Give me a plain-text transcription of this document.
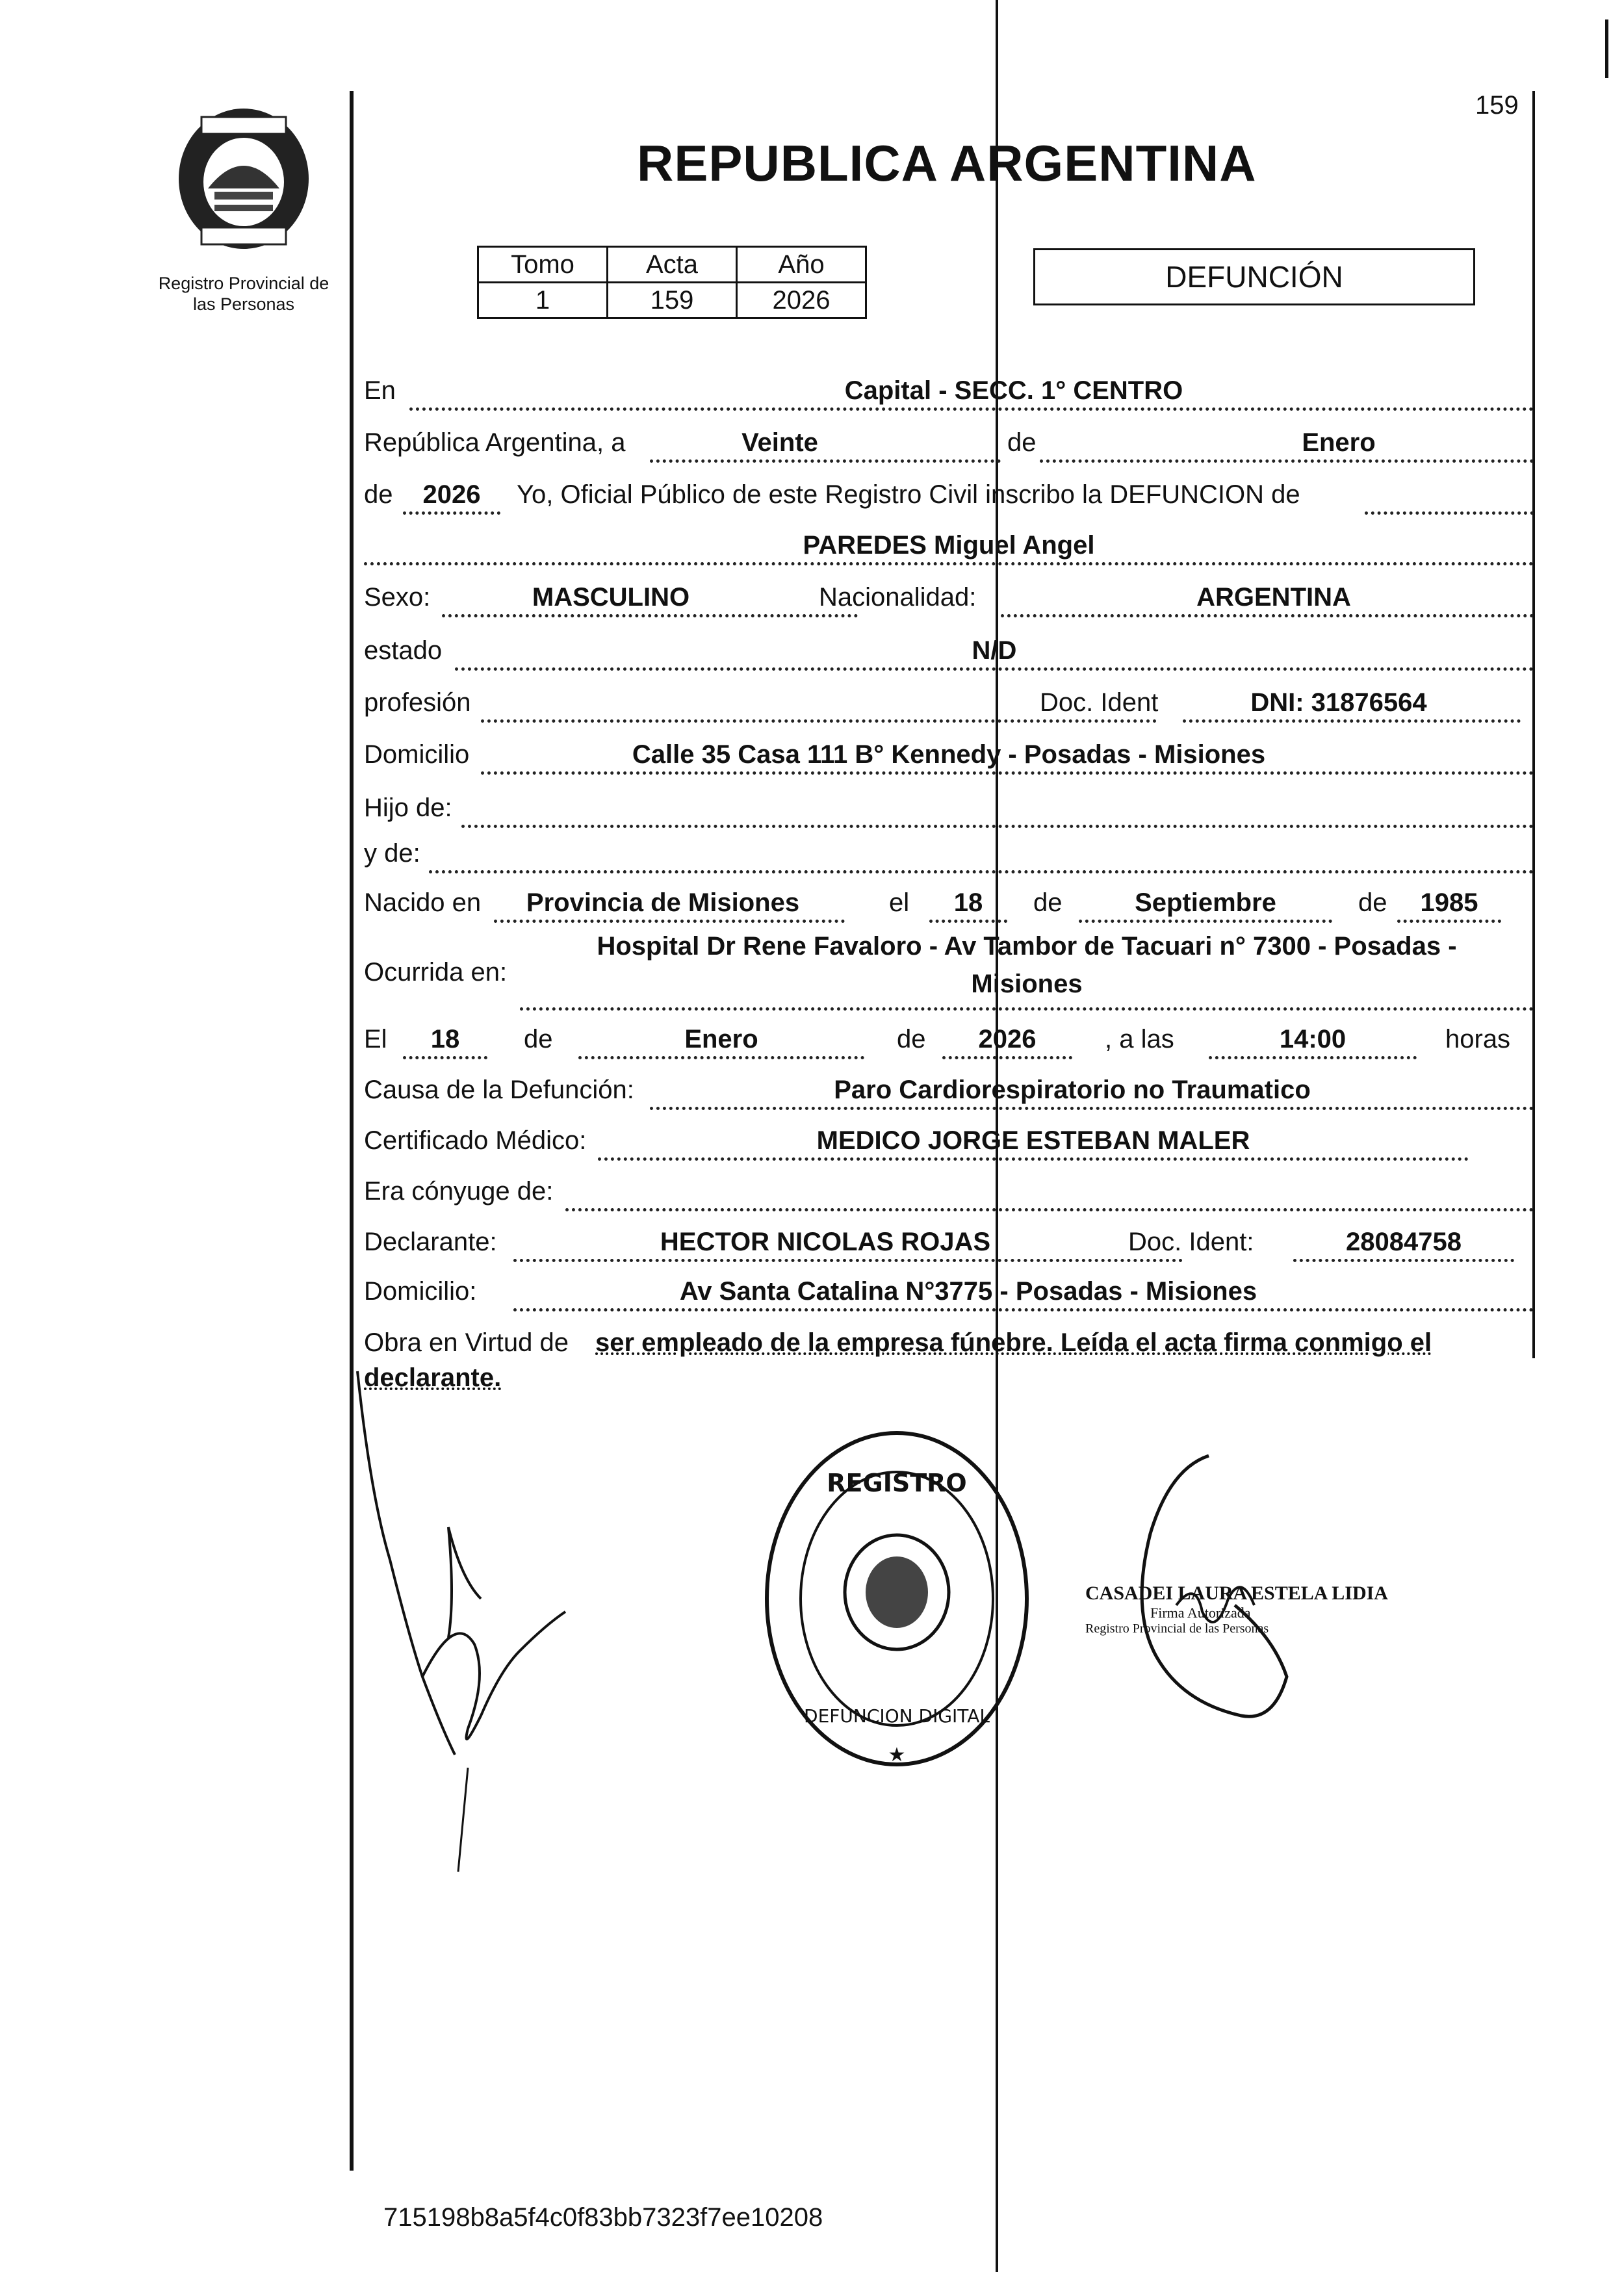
159
Registro Provincial de
las Personas
REPUBLICA ARGENTINA
Tomo	Acta	Año
1	159	2026
DEFUNCIÓN
En	Capital - SECC. 1° CENTRO
República Argentina, a	Veinte	de	Enero
de	2026	Yo, Oficial Público de este Registro Civil inscribo la DEFUNCION de
PAREDES Miguel Angel
Sexo:	MASCULINO	Nacionalidad:	ARGENTINA
estado	N/D
profesión	Doc. Ident	DNI: 31876564
Domicilio	Calle 35 Casa 111 B° Kennedy - Posadas - Misiones
Hijo de:
y de:
Nacido en	Provincia de Misiones	el	18	de	Septiembre	de	1985
Ocurrida en:
Hospital Dr Rene Favaloro - Av Tambor de Tacuari n° 7300 - Posadas -
Misiones
El	18	de	Enero	de	2026	, a las	14:00	horas
Causa de la Defunción:	Paro Cardiorespiratorio no Traumatico
Certificado Médico:	MEDICO JORGE ESTEBAN MALER
Era cónyuge de:
Declarante:	HECTOR NICOLAS ROJAS	Doc. Ident:	28084758
Domicilio:	Av Santa Catalina N°3775 - Posadas - Misiones
Obra en Virtud de ser empleado de la empresa fúnebre. Leída el acta firma conmigo el
declarante.
REGISTRO
DEFUNCION DIGITAL
★
CASADEI LAURA ESTELA LIDIA
Firma Autorizada
Registro Provincial de las Personas
715198b8a5f4c0f83bb7323f7ee10208
